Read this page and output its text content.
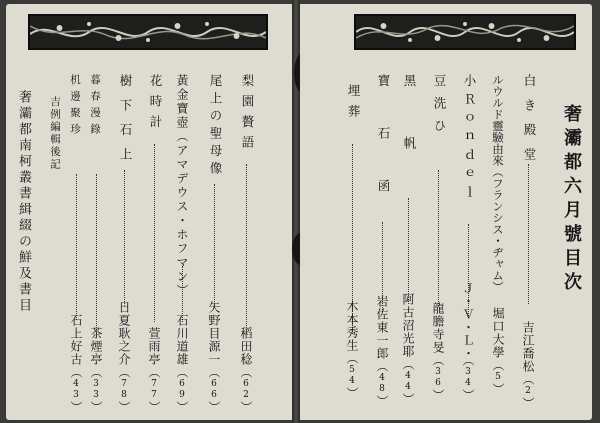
奢灞都南柯叢書緝綴の鮮及書目 吉例編輯後記 机邊聚珍
石上好古（43）
暮春漫錄
茶煙亭（33）
樹下石上
日夏耿之介（78）
花時計
萱雨亭（77）
黃金寶壺（アマデウス・ホフマン）
石川道雄（69）
尾上の聖母像
矢野目源一（66）
梨園贅語
稻田稔（62）
埋葬
木本秀生（54）
寶石函
岩佐東一郎（48）
黑帆
阿古沼光耶（44）
豆洗ひ
龍膽寺旻（36）
小Ｒｏｎｄｅｌ
Ｊ・Ｖ・Ｌ・（34）
ルウルド靈驗由來（フランシス・ヂャム）
堀口大學（5）
白き殿堂
吉江喬松（2）
奢灞都六月號目次
